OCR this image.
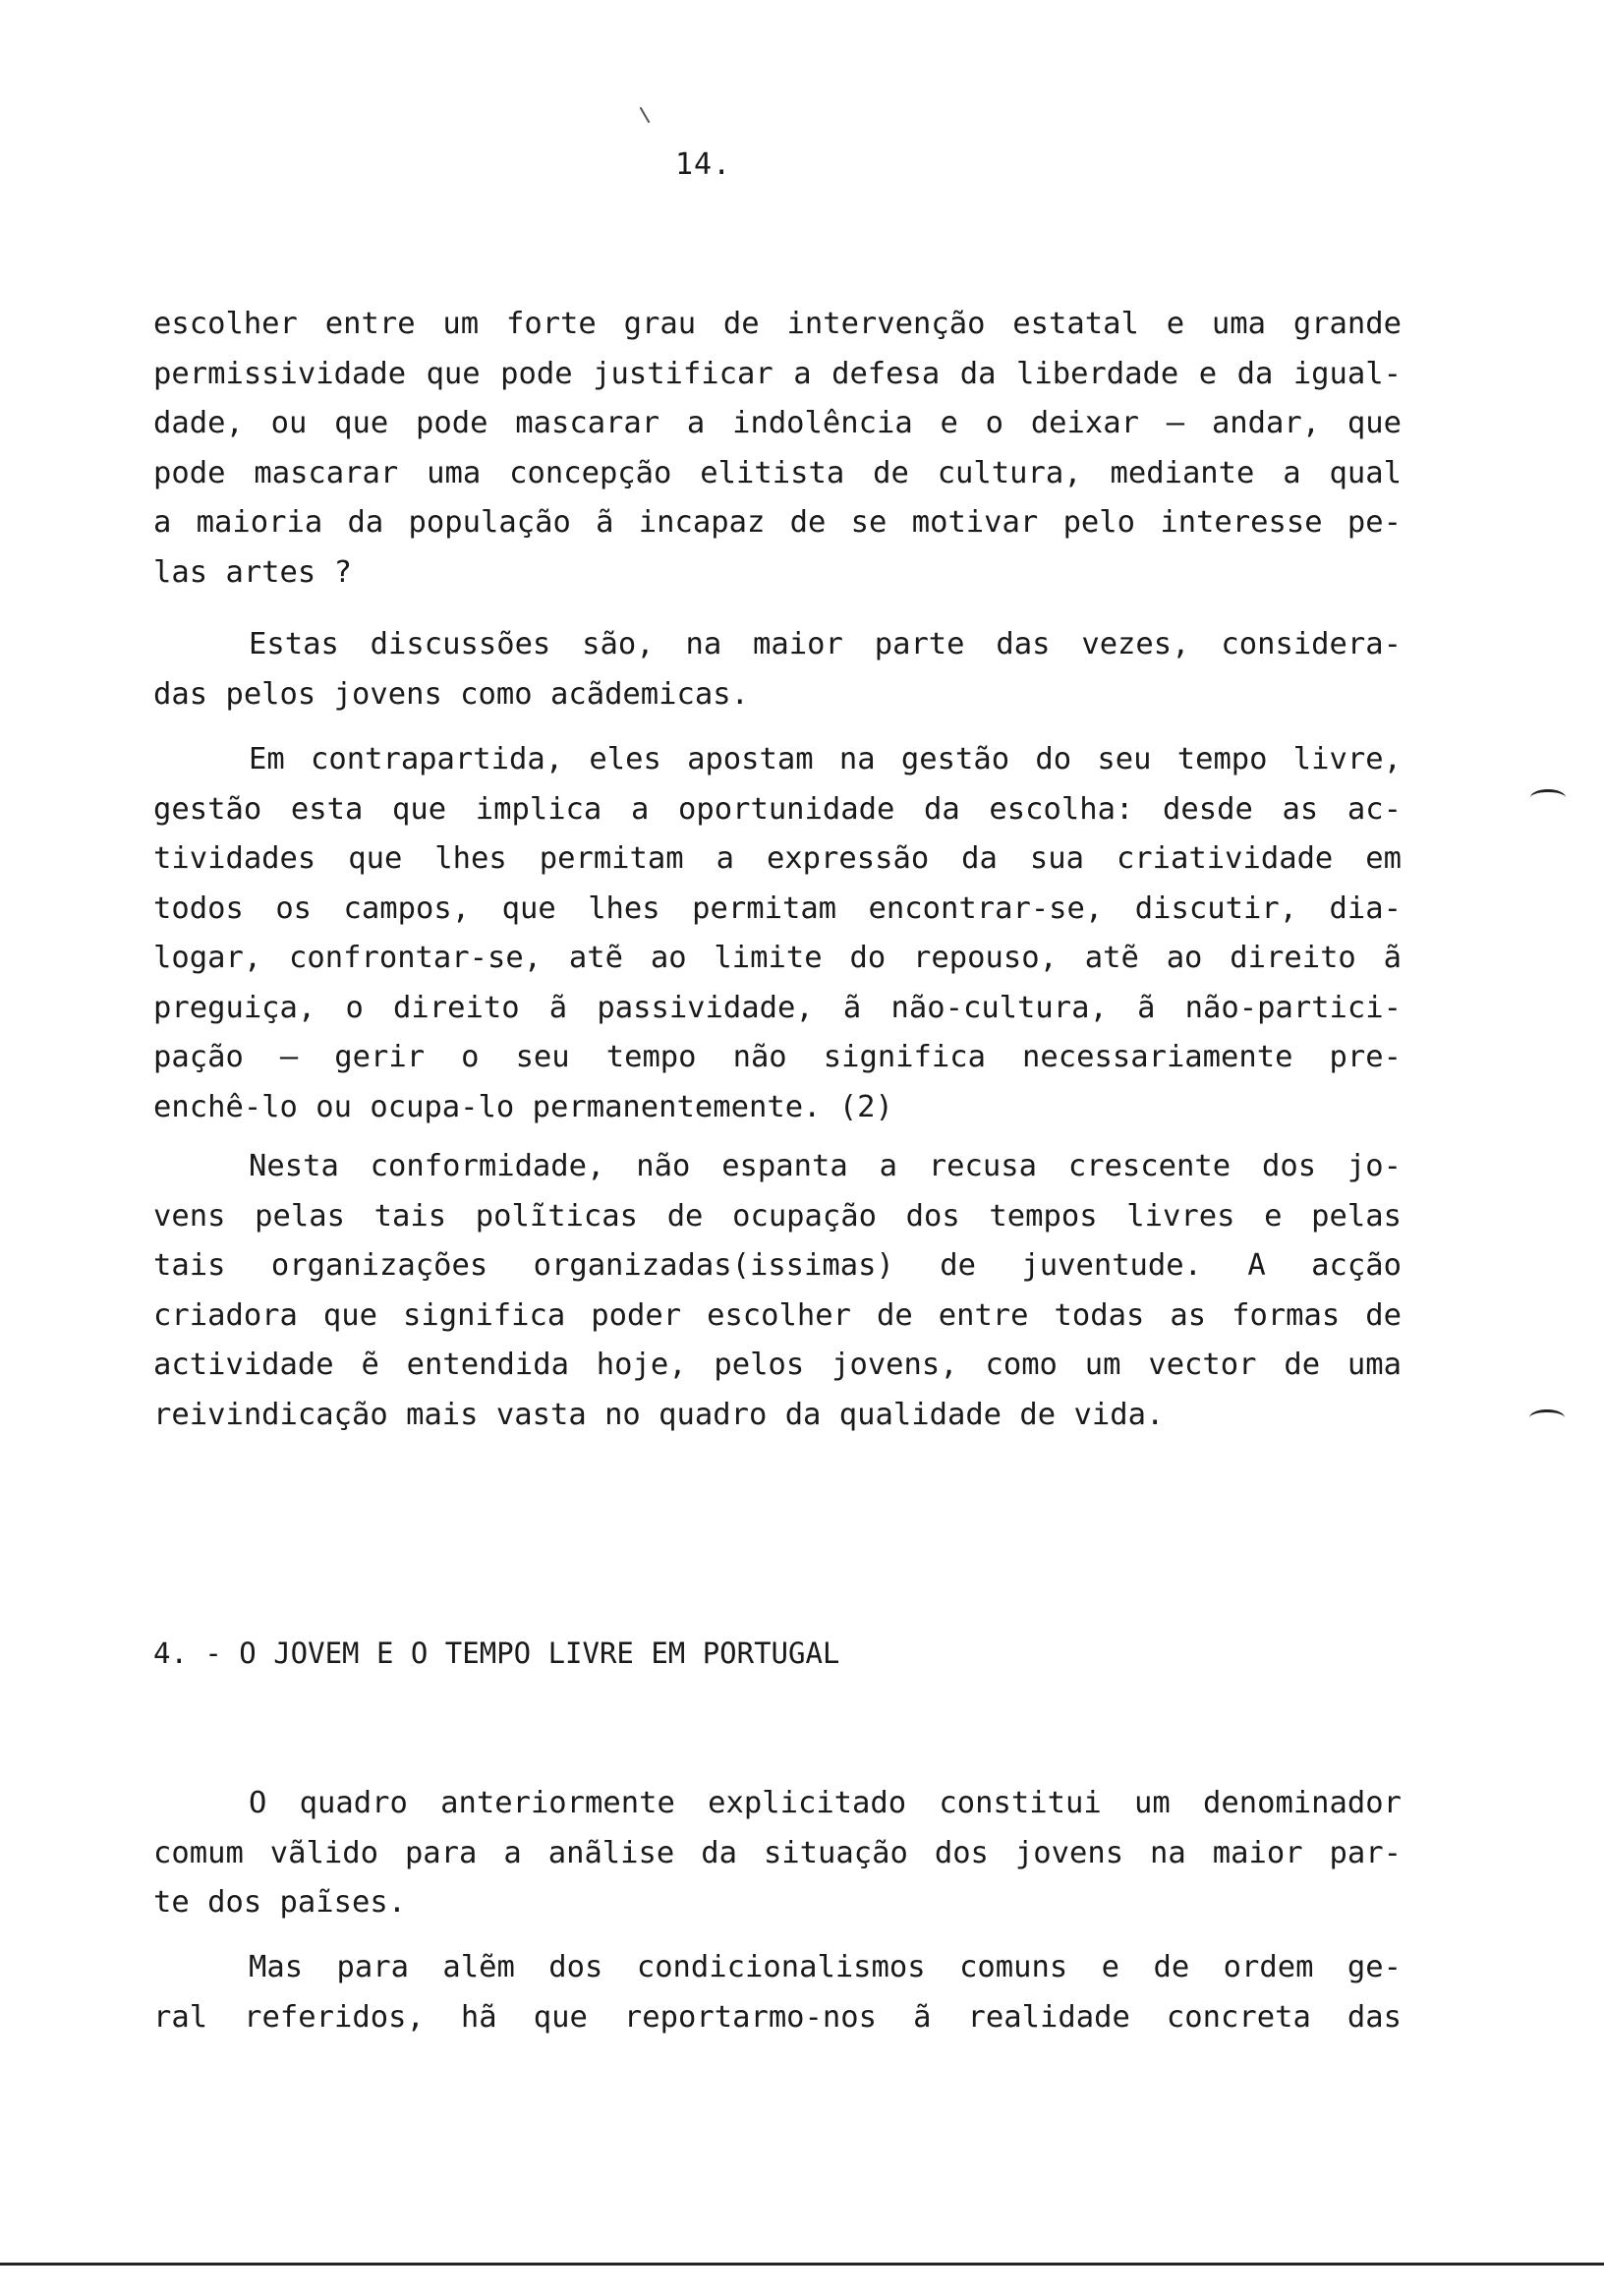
14.
escolher entre um forte grau de intervenção estatal e uma grande
permissividade que pode justificar a defesa da liberdade e da igual-
dade, ou que pode mascarar a indolência e o deixar — andar, que
pode mascarar uma concepção elitista de cultura, mediante a qual
a maioria da população ã incapaz de se motivar pelo interesse pe-
las artes ?
Estas discussões são, na maior parte das vezes, considera-
das pelos jovens como acãdemicas.
Em contrapartida, eles apostam na gestão do seu tempo livre,
gestão esta que implica a oportunidade da escolha: desde as ac-
tividades que lhes permitam a expressão da sua criatividade em
todos os campos, que lhes permitam encontrar-se, discutir, dia-
logar, confrontar-se, atẽ ao limite do repouso, atẽ ao direito ã
preguiça, o direito ã passividade, ã não-cultura, ã não-partici-
pação — gerir o seu tempo não significa necessariamente pre-
enchê-lo ou ocupa-lo permanentemente. (2)
Nesta conformidade, não espanta a recusa crescente dos jo-
vens pelas tais polĩticas de ocupação dos tempos livres e pelas
tais organizações organizadas(issimas) de juventude. A acção
criadora que significa poder escolher de entre todas as formas de
actividade ẽ entendida hoje, pelos jovens, como um vector de uma
reivindicação mais vasta no quadro da qualidade de vida.
4. - O JOVEM E O TEMPO LIVRE EM PORTUGAL
O quadro anteriormente explicitado constitui um denominador
comum vãlido para a anãlise da situação dos jovens na maior par-
te dos paĩses.
Mas para alẽm dos condicionalismos comuns e de ordem ge-
ral referidos, hã que reportarmo-nos ã realidade concreta das
